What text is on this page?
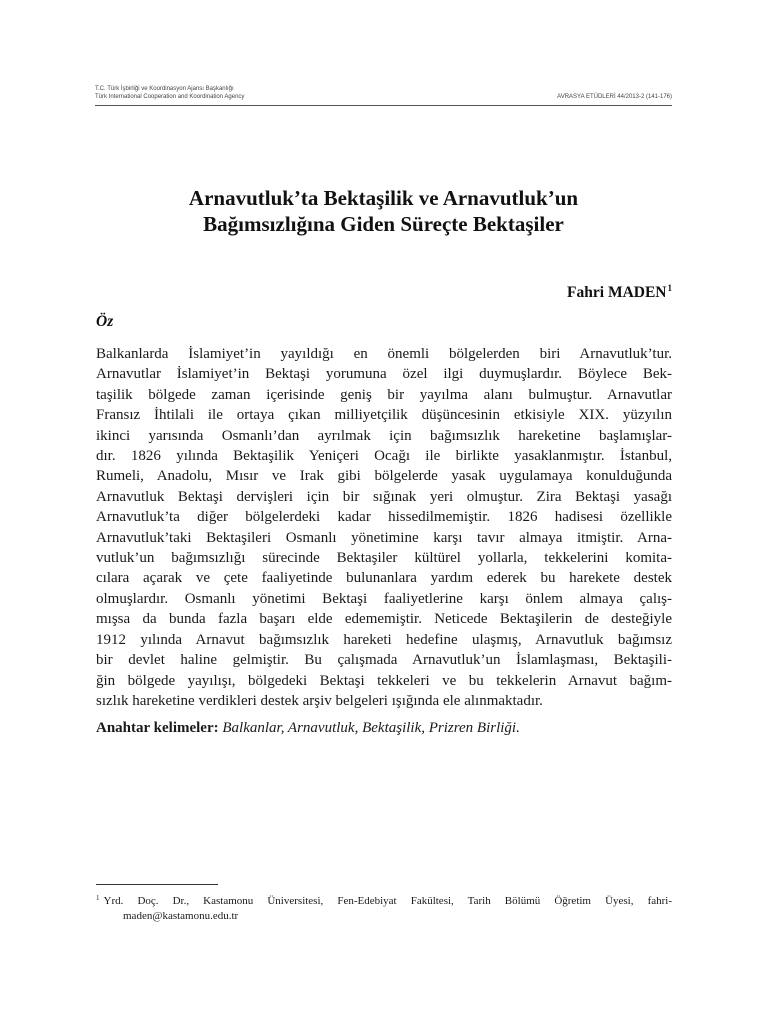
T.C. Türk İşbirliği ve Koordinasyon Ajansı Başkanlığı
Türk International Cooperation and Koordination Agency	AVRASYA ETÜDLERİ 44/2013-2 (141-176)
Arnavutluk’ta Bektaşilik ve Arnavutluk’un
Bağımsızlığına Giden Süreçte Bektaşiler
Fahri MADEN$^1$
Öz
Balkanlarda İslamiyet’in yayıldığı en önemli bölgelerden biri Arnavutluk’tur.
Arnavutlar İslamiyet’in Bektaşi yorumuna özel ilgi duymuşlardır. Böylece Bek-
taşilik bölgede zaman içerisinde geniş bir yayılma alanı bulmuştur. Arnavutlar
Fransız İhtilali ile ortaya çıkan milliyetçilik düşüncesinin etkisiyle XIX. yüzyılın
ikinci yarısında Osmanlı’dan ayrılmak için bağımsızlık hareketine başlamışlar-
dır. 1826 yılında Bektaşilik Yeniçeri Ocağı ile birlikte yasaklanmıştır. İstanbul,
Rumeli, Anadolu, Mısır ve Irak gibi bölgelerde yasak uygulamaya konulduğunda
Arnavutluk Bektaşi dervişleri için bir sığınak yeri olmuştur. Zira Bektaşi yasağı
Arnavutluk’ta diğer bölgelerdeki kadar hissedilmemiştir. 1826 hadisesi özellikle
Arnavutluk’taki Bektaşileri Osmanlı yönetimine karşı tavır almaya itmiştir. Arna-
vutluk’un bağımsızlığı sürecinde Bektaşiler kültürel yollarla, tekkelerini komita-
cılara açarak ve çete faaliyetinde bulunanlara yardım ederek bu harekete destek
olmuşlardır. Osmanlı yönetimi Bektaşi faaliyetlerine karşı önlem almaya çalış-
mışsa da bunda fazla başarı elde edememiştir. Neticede Bektaşilerin de desteğiyle
1912 yılında Arnavut bağımsızlık hareketi hedefine ulaşmış, Arnavutluk bağımsız
bir devlet haline gelmiştir. Bu çalışmada Arnavutluk’un İslamlaşması, Bektaşili-
ğin bölgede yayılışı, bölgedeki Bektaşi tekkeleri ve bu tekkelerin Arnavut bağım-
sızlık hareketine verdikleri destek arşiv belgeleri ışığında ele alınmaktadır.
Anahtar kelimeler: Balkanlar, Arnavutluk, Bektaşilik, Prizren Birliği.
$^1$ Yrd. Doç. Dr., Kastamonu Üniversitesi, Fen-Edebiyat Fakültesi, Tarih Bölümü Öğretim Üyesi, fahri-
maden@kastamonu.edu.tr
